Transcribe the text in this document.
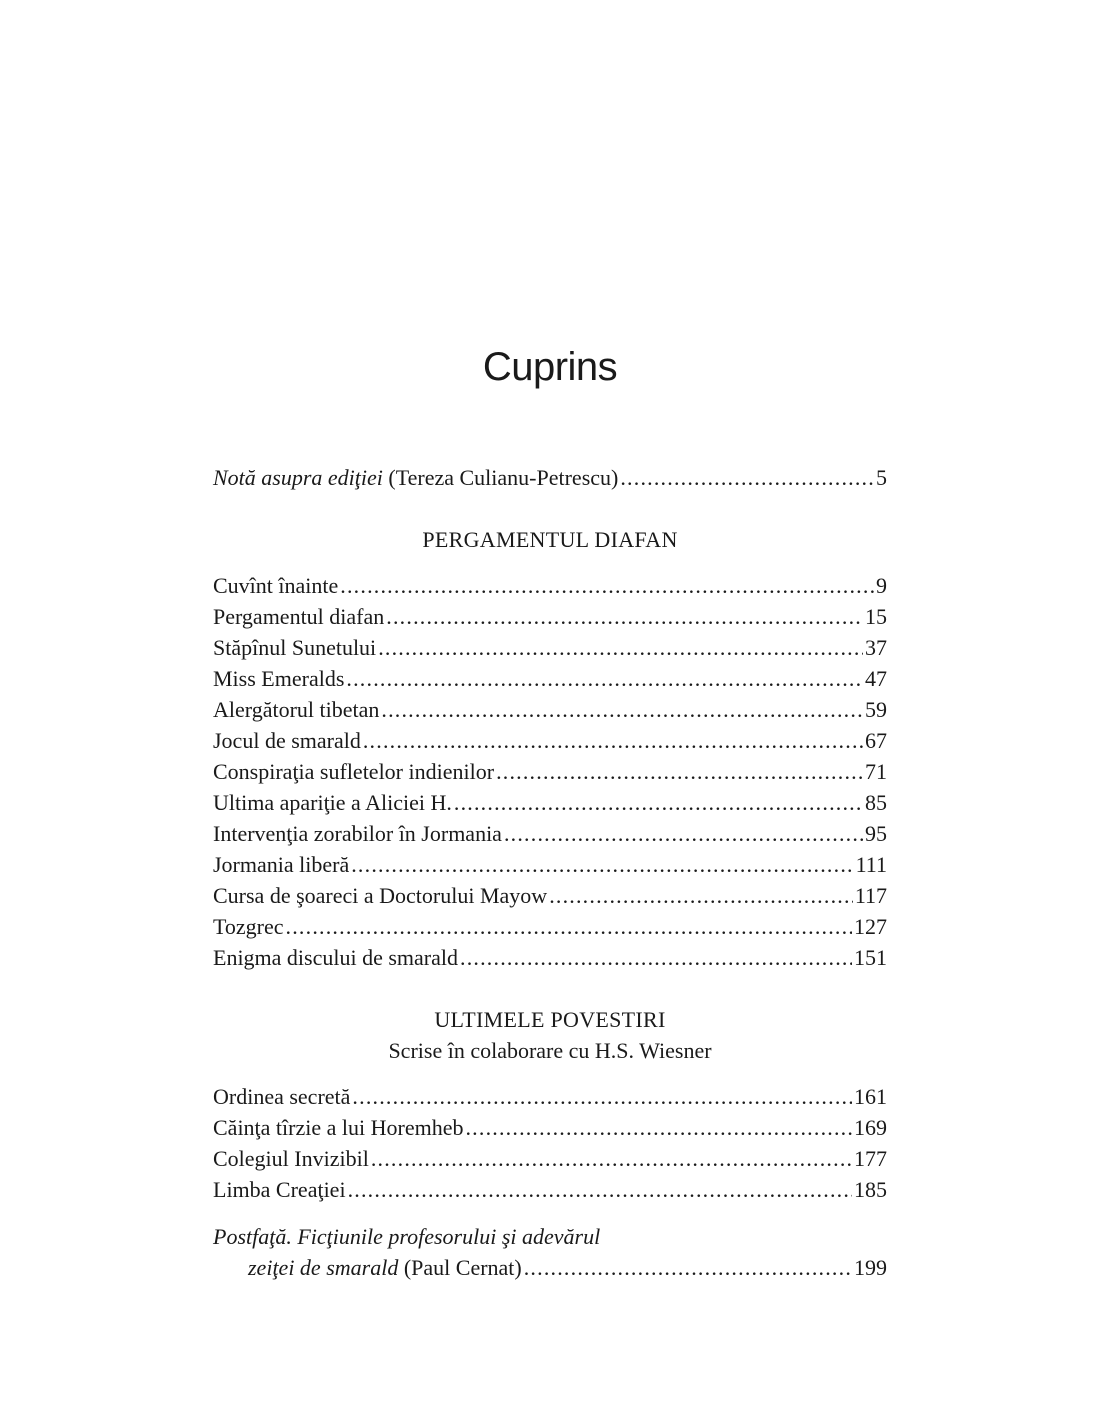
Cuprins
Notă asupra ediţiei (Tereza Culianu-Petrescu) .....	5
PERGAMENTUL DIAFAN
Cuvînt înainte .....	9
Pergamentul diafan .....	15
Stăpînul Sunetului .....	37
Miss Emeralds .....	47
Alergătorul tibetan .....	59
Jocul de smarald .....	67
Conspiraţia sufletelor indienilor .....	71
Ultima apariţie a Aliciei H. .....	85
Intervenţia zorabilor în Jormania .....	95
Jormania liberă .....	111
Cursa de şoareci a Doctorului Mayow .....	117
Tozgrec .....	127
Enigma discului de smarald .....	151
ULTIMELE POVESTIRI
Scrise în colaborare cu H.S. Wiesner
Ordinea secretă .....	161
Căinţa tîrzie a lui Horemheb .....	169
Colegiul Invizibil .....	177
Limba Creaţiei .....	185
Postfaţă. Ficţiunile profesorului şi adevărul
zeiţei de smarald (Paul Cernat) .....	199
